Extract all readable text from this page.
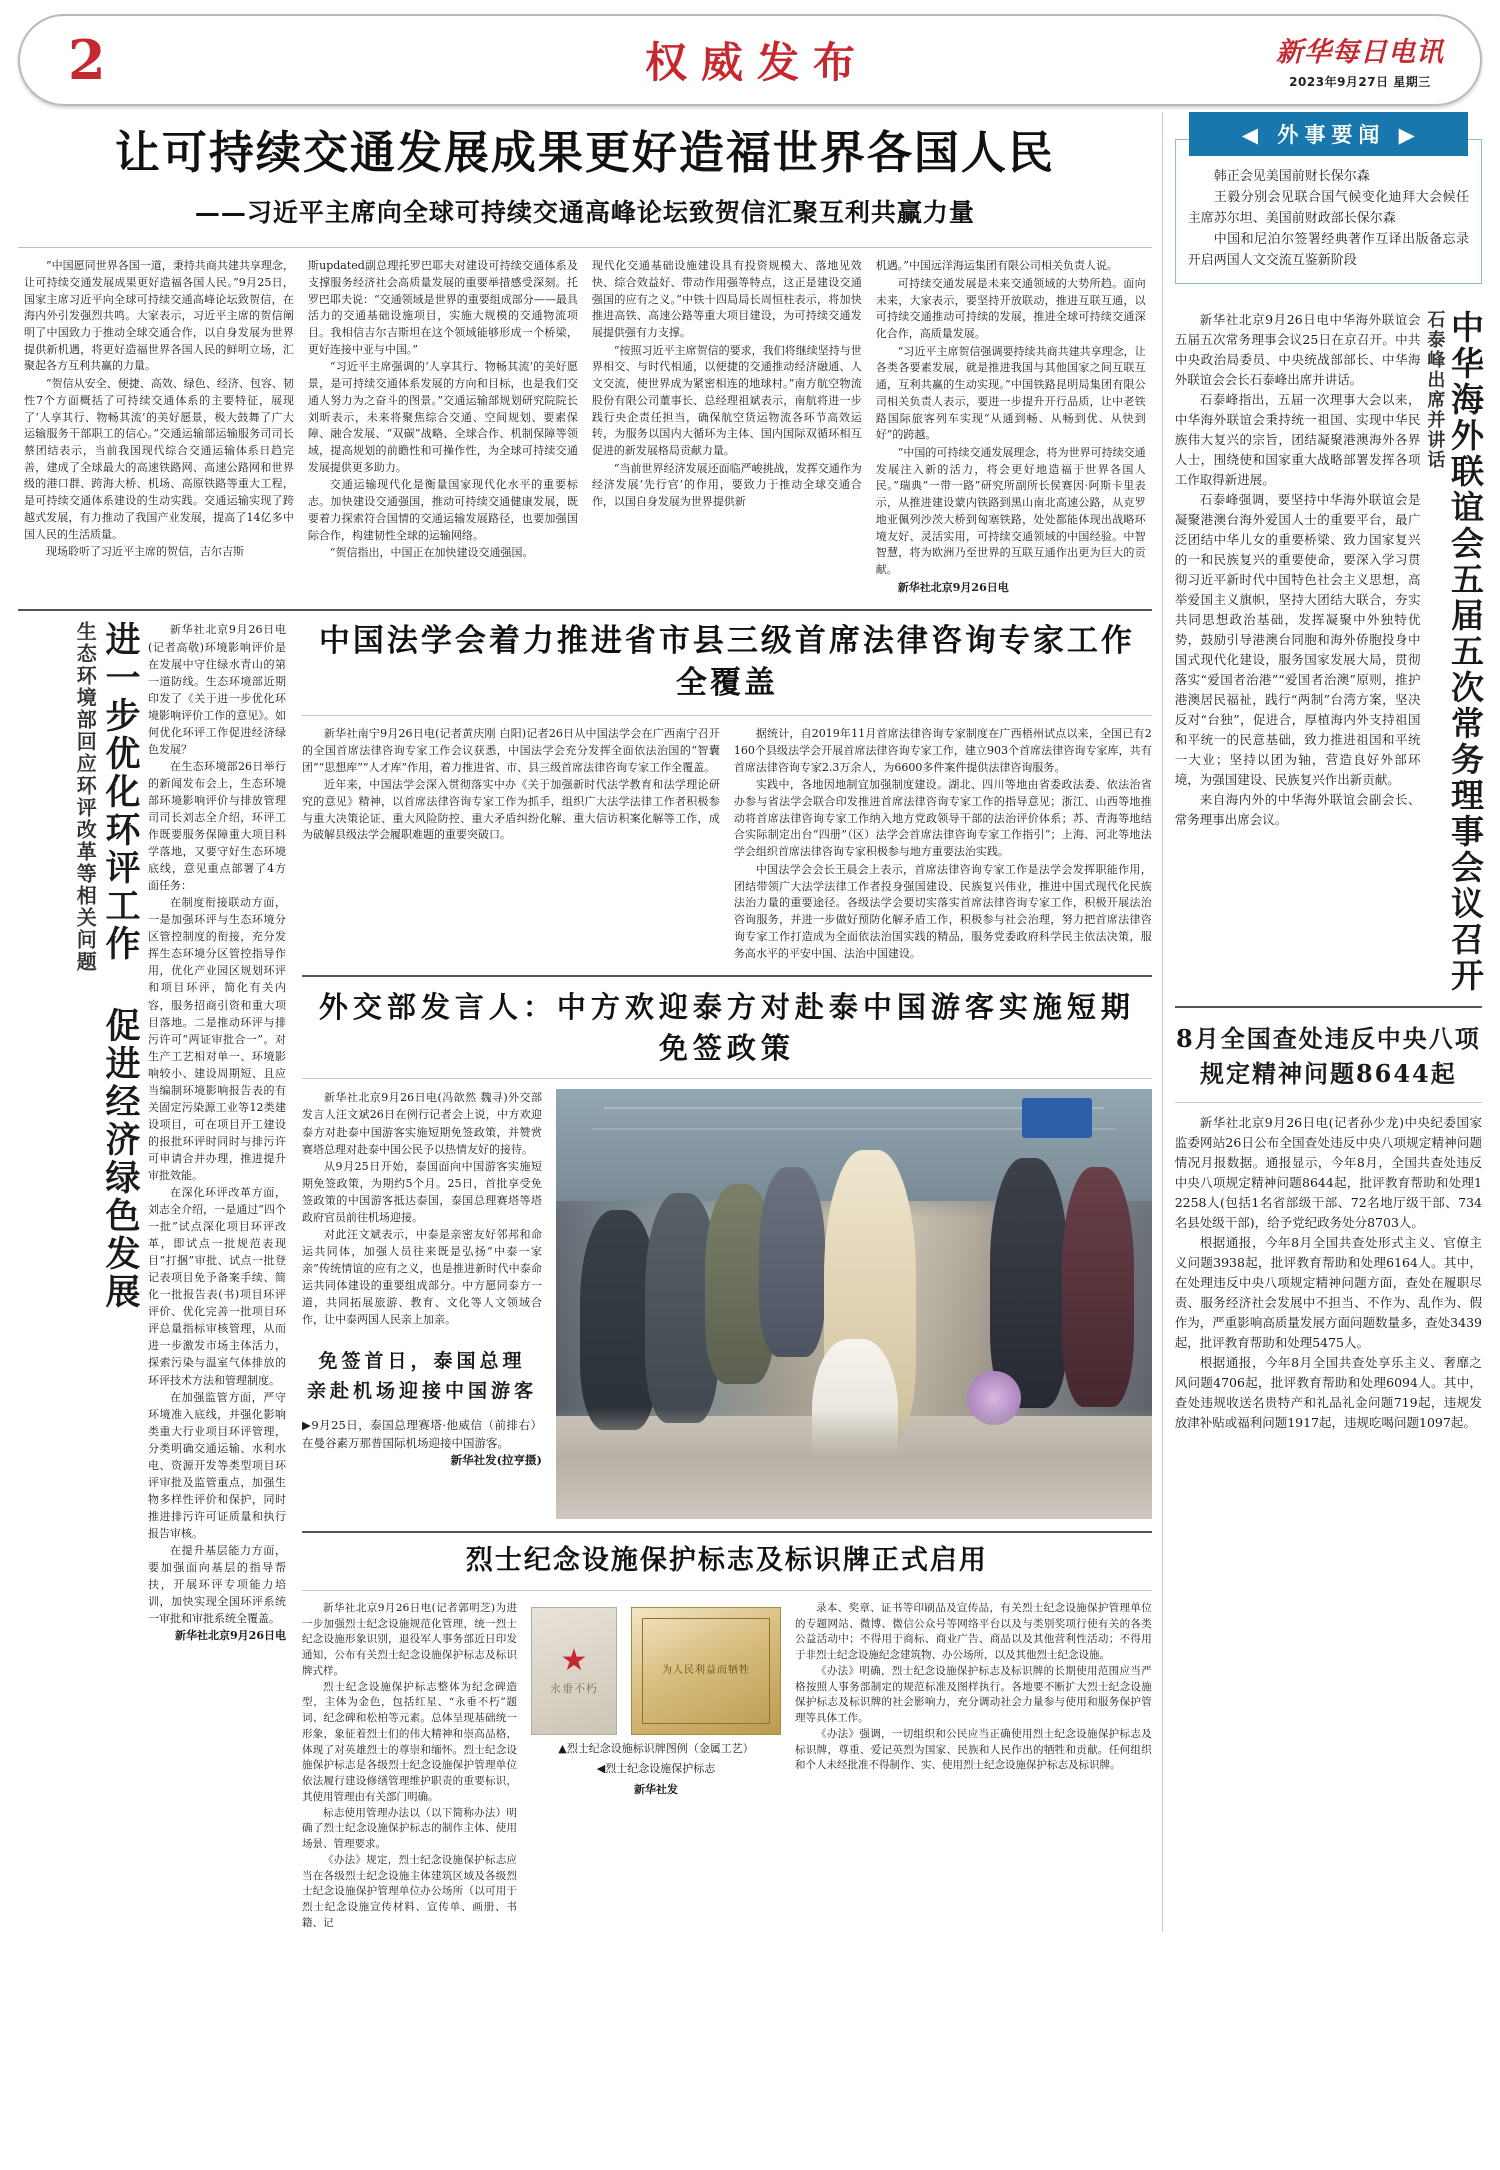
2	权威发布	新华每日电讯
2023年9月27日 星期三
让可持续交通发展成果更好造福世界各国人民
——习近平主席向全球可持续交通高峰论坛致贺信汇聚互利共赢力量

“中国愿同世界各国一道，秉持共商共建共享理念，让可持续交通发展成果更好造福各国人民。”9月25日，国家主席习近平向全球可持续交通高峰论坛致贺信，在海内外引发强烈共鸣。大家表示，习近平主席的贺信阐明了中国致力于推动全球交通合作，以自身发展为世界提供新机遇，将更好造福世界各国人民的鲜明立场，汇聚起各方互利共赢的力量。

“贺信从安全、便捷、高效、绿色、经济、包容、韧性7个方面概括了可持续交通体系的主要特征，展现了‘人享其行、物畅其流’的美好愿景，极大鼓舞了广大运输服务干部职工的信心。”交通运输部运输服务司司长蔡团结表示，当前我国现代综合交通运输体系日趋完善，建成了全球最大的高速铁路网、高速公路网和世界级的港口群、跨海大桥、机场、高原铁路等重大工程，是可持续交通体系建设的生动实践。交通运输实现了跨越式发展，有力推动了我国产业发展，提高了14亿多中国人民的生活质量。

现场聆听了习近平主席的贺信，吉尔吉斯

斯updated副总理托罗巴耶夫对建设可持续交通体系及支撑服务经济社会高质量发展的重要举措感受深刻。托罗巴耶夫说：“交通领域是世界的重要组成部分——最具活力的交通基础设施项目，实施大规模的交通物流项目。我相信吉尔吉斯坦在这个领域能够形成一个桥梁，更好连接中亚与中国。”

“习近平主席强调的‘人享其行、物畅其流’的美好愿景，是可持续交通体系发展的方向和目标，也是我们交通人努力为之奋斗的图景。”交通运输部规划研究院院长刘昕表示，未来将聚焦综合交通、空间规划、要素保障、融合发展、“双碳”战略、全球合作、机制保障等领域，提高规划的前瞻性和可操作性，为全球可持续交通发展提供更多助力。

交通运输现代化是衡量国家现代化水平的重要标志。加快建设交通强国，推动可持续交通健康发展，既要着力探索符合国情的交通运输发展路径，也要加强国际合作，构建韧性全球的运输网络。

“贺信指出，中国正在加快建设交通强国。

现代化交通基础设施建设具有投资规模大、落地见效快、综合效益好、带动作用强等特点，这正是建设交通强国的应有之义。”中铁十四局局长周恒柱表示，将加快推进高铁、高速公路等重大项目建设，为可持续交通发展提供强有力支撑。

“按照习近平主席贺信的要求，我们将继续坚持与世界相交、与时代相通，以便捷的交通推动经济融通、人文交流，使世界成为紧密相连的地球村。”南方航空物流股份有限公司董事长、总经理祖斌表示，南航将进一步践行央企责任担当，确保航空货运物流各环节高效运转，为服务以国内大循环为主体、国内国际双循环相互促进的新发展格局贡献力量。

“当前世界经济发展还面临严峻挑战，发挥交通作为经济发展‘先行官’的作用，要致力于推动全球交通合作，以国自身发展为世界提供新

机遇。”中国远洋海运集团有限公司相关负责人说。

可持续交通发展是未来交通领域的大势所趋。面向未来，大家表示，要坚持开放联动，推进互联互通，以可持续交通推动可持续的发展，推进全球可持续交通深化合作，高质量发展。

“习近平主席贺信强调要持续共商共建共享理念，让各类各要素发展，就是推进我国与其他国家之间互联互通，互利共赢的生动实现。”中国铁路昆明局集团有限公司相关负责人表示，要进一步提升开行品质，让中老铁路国际旅客列车实现“从通到畅、从畅到优、从快到好”的跨越。

“中国的可持续交通发展理念，将为世界可持续交通发展注入新的活力，将会更好地造福于世界各国人民。”瑞典“一带一路”研究所副所长侯赛因·阿斯卡里表示，从推进建设蒙内铁路到黑山南北高速公路，从克罗地亚佩列沙茨大桥到匈塞铁路，处处都能体现出战略环境友好、灵活实用，可持续交通领域的中国经验。中智智慧，将为欧洲乃至世界的互联互通作出更为巨大的贡献。

新华社北京9月26日电

进一步优化环评工作 促进经济绿色发展
生态环境部回应环评改革等相关问题	新华社北京9月26日电(记者高敬)环境影响评价是在发展中守住绿水青山的第一道防线。生态环境部近期印发了《关于进一步优化环境影响评价工作的意见》。如何优化环评工作促进经济绿色发展？

在生态环境部26日举行的新闻发布会上，生态环境部环境影响评价与排放管理司司长刘志全介绍，环评工作既要服务保障重大项目科学落地，又要守好生态环境底线，意见重点部署了4方面任务：

在制度衔接联动方面，一是加强环评与生态环境分区管控制度的衔接，充分发挥生态环境分区管控指导作用，优化产业园区规划环评和项目环评，简化有关内容，服务招商引资和重大项目落地。二是推动环评与排污许可“两证审批合一”。对生产工艺相对单一、环境影响较小、建设周期短、且应当编制环境影响报告表的有关固定污染源工业等12类建设项目，可在项目开工建设的报批环评时同时与排污许可申请合并办理，推进提升审批效能。

在深化环评改革方面，刘志全介绍，一是通过“四个一批”试点深化项目环评改革，即试点一批规范表现目“打捆”审批、试点一批登记表项目免予备案手续、简化一批报告表(书)项目环评评价、优化完善一批项目环评总量指标审核管理，从而进一步激发市场主体活力，探索污染与温室气体排放的环评技术方法和管理制度。

在加强监管方面，严守环境准入底线，并强化影响类重大行业项目环评管理，分类明确交通运输、水利水电、资源开发等类型项目环评审批及监管重点，加强生物多样性评价和保护，同时推进排污许可证质量和执行报告审核。

在提升基层能力方面，要加强面向基层的指导帮扶，开展环评专项能力培训，加快实现全国环评系统一审批和审批系统全覆盖。

新华社北京9月26日电

中国法学会着力推进省市县三级首席法律咨询专家工作全覆盖

新华社南宁9月26日电(记者黄庆刚 白阳)记者26日从中国法学会在广西南宁召开的全国首席法律咨询专家工作会议获悉，中国法学会充分发挥全面依法治国的“智囊团”“思想库”“人才库”作用，着力推进省、市、县三级首席法律咨询专家工作全覆盖。

近年来，中国法学会深入贯彻落实中办《关于加强新时代法学教育和法学理论研究的意见》精神，以首席法律咨询专家工作为抓手，组织广大法学法律工作者积极参与重大决策论证、重大风险防控、重大矛盾纠纷化解、重大信访积案化解等工作，成为破解县级法学会履职难题的重要突破口。

据统计，自2019年11月首席法律咨询专家制度在广西梧州试点以来，全国已有2160个县级法学会开展首席法律咨询专家工作，建立903个首席法律咨询专家库，共有首席法律咨询专家2.3万余人，为6600多件案件提供法律咨询服务。

实践中，各地因地制宜加强制度建设。湖北、四川等地由省委政法委、依法治省办参与省法学会联合印发推进首席法律咨询专家工作的指导意见；浙江、山西等地推动将首席法律咨询专家工作纳入地方党政领导干部的法治评价体系；苏、青海等地结合实际制定出台“四册”（区）法学会首席法律咨询专家工作指引”；上海、河北等地法学会组织首席法律咨询专家积极参与地方重要法治实践。

中国法学会会长王晨会上表示，首席法律咨询专家工作是法学会发挥职能作用，团结带领广大法学法律工作者投身强国建设、民族复兴伟业，推进中国式现代化民族法治力量的重要途径。各级法学会要切实落实首席法律咨询专家工作，积极开展法治咨询服务，并进一步做好预防化解矛盾工作，积极参与社会治理，努力把首席法律咨询专家工作打造成为全面依法治国实践的精品，服务党委政府科学民主依法决策，服务高水平的平安中国、法治中国建设。

外交部发言人：中方欢迎泰方对赴泰中国游客实施短期免签政策

新华社北京9月26日电(冯歆然 魏寻)外交部发言人汪文斌26日在例行记者会上说，中方欢迎泰方对赴泰中国游客实施短期免签政策，并赞赏赛塔总理对赴泰中国公民予以热情友好的接待。

从9月25日开始，泰国面向中国游客实施短期免签政策，为期约5个月。25日，首批享受免签政策的中国游客抵达泰国，泰国总理赛塔等塔政府官员前往机场迎接。

对此汪文斌表示，中泰是亲密友好邻邦和命运共同体，加强人员往来既是弘扬“中泰一家亲”传统情谊的应有之义，也是推进新时代中泰命运共同体建设的重要组成部分。中方愿同泰方一道，共同拓展旅游、教育、文化等人文领域合作，让中泰两国人民亲上加亲。

免签首日，泰国总理
亲赴机场迎接中国游客

▶9月25日，泰国总理赛塔·他威信（前排右）在曼谷素万那普国际机场迎接中国游客。

新华社发(拉亨摄)

烈士纪念设施保护标志及标识牌正式启用

新华社北京9月26日电(记者郭明芝)为进一步加强烈士纪念设施规范化管理，统一烈士纪念设施形象识别，退役军人事务部近日印发通知，公布有关烈士纪念设施保护标志及标识牌式样。

烈士纪念设施保护标志整体为纪念碑造型，主体为金色，包括红星、“永垂不朽”题词、纪念碑和松柏等元素。总体呈现基础统一形象，象征着烈士们的伟大精神和崇高品格，体现了对英雄烈士的尊崇和缅怀。烈士纪念设施保护标志是各级烈士纪念设施保护管理单位依法履行建设修缮管理维护职责的重要标识，其使用管理由有关部门明确。

标志使用管理办法以（以下简称办法）明确了烈士纪念设施保护标志的制作主体、使用场景、管理要求。

《办法》规定，烈士纪念设施保护标志应当在各级烈士纪念设施主体建筑区域及各级烈士纪念设施保护管理单位办公场所（以可用于烈士纪念设施宣传材料、宣传单、画册、书籍、记

★
永垂不朽
为人民利益而牺牲
▲烈士纪念设施标识牌图例（金属工艺）
◀烈士纪念设施保护标志
新华社发

录本、奖章、证书等印刷品及宣传品，有关烈士纪念设施保护管理单位的专题网站、微博、微信公众号等网络平台以及与类别奖项行使有关的各类公益活动中；不得用于商标、商业广告、商品以及其他营利性活动；不得用于非烈士纪念设施纪念建筑物、办公场所，以及其他烈士纪念设施。

《办法》明确，烈士纪念设施保护标志及标识牌的长期使用范围应当严格按照人事务部制定的规范标准及图样执行。各地要不断扩大烈士纪念设施保护标志及标识牌的社会影响力，充分调动社会力量参与使用和服务保护管理等具体工作。

《办法》强调，一切组织和公民应当正确使用烈士纪念设施保护标志及标识牌，尊重、爱记英烈为国家、民族和人民作出的牺牲和贡献。任何组织和个人未经批准不得制作、实、使用烈士纪念设施保护标志及标识牌。

◀ 外事要闻 ▶

韩正会见美国前财长保尔森

王毅分别会见联合国气候变化迪拜大会候任主席苏尔坦、美国前财政部长保尔森

中国和尼泊尔签署经典著作互译出版备忘录 开启两国人文交流互鉴新阶段

中华海外联谊会五届五次常务理事会议召开
石泰峰出席并讲话

新华社北京9月26日电中华海外联谊会五届五次常务理事会议25日在京召开。中共中央政治局委员、中央统战部部长、中华海外联谊会会长石泰峰出席并讲话。

石泰峰指出，五届一次理事大会以来，中华海外联谊会秉持统一祖国、实现中华民族伟大复兴的宗旨，团结凝聚港澳海外各界人士，围绕使和国家重大战略部署发挥各项工作取得新进展。

石泰峰强调，要坚持中华海外联谊会是凝聚港澳台海外爱国人士的重要平台，最广泛团结中华儿女的重要桥梁、致力国家复兴的一和民族复兴的重要使命，要深入学习贯彻习近平新时代中国特色社会主义思想，高举爱国主义旗帜，坚持大团结大联合，夯实共同思想政治基础，发挥凝聚中外独特优势，鼓励引导港澳台同胞和海外侨胞投身中国式现代化建设，服务国家发展大局，贯彻落实“爱国者治港”“爱国者治澳”原则，推护港澳居民福祉，践行“两制”台湾方案，坚决反对“台独”，促进合，厚植海内外支持祖国和平统一的民意基础，致力推进祖国和平统一大业；坚持以团为轴，营造良好外部环境，为强国建设、民族复兴作出新贡献。

来自海内外的中华海外联谊会副会长、常务理事出席会议。

8月全国查处违反中央八项规定精神问题8644起

新华社北京9月26日电(记者孙少龙)中央纪委国家监委网站26日公布全国查处违反中央八项规定精神问题情况月报数据。通报显示，今年8月，全国共查处违反中央八项规定精神问题8644起，批评教育帮助和处理12258人(包括1名省部级干部、72名地厅级干部、734名县处级干部)，给予党纪政务处分8703人。

根据通报，今年8月全国共查处形式主义、官僚主义问题3938起，批评教育帮助和处理6164人。其中，在处理违反中央八项规定精神问题方面，查处在履职尽责、服务经济社会发展中不担当、不作为、乱作为、假作为，严重影响高质量发展方面问题数量多，查处3439起，批评教育帮助和处理5475人。

根据通报，今年8月全国共查处享乐主义、奢靡之风问题4706起，批评教育帮助和处理6094人。其中，查处违规收送名贵特产和礼品礼金问题719起，违规发放津补贴或福利问题1917起，违规吃喝问题1097起。
